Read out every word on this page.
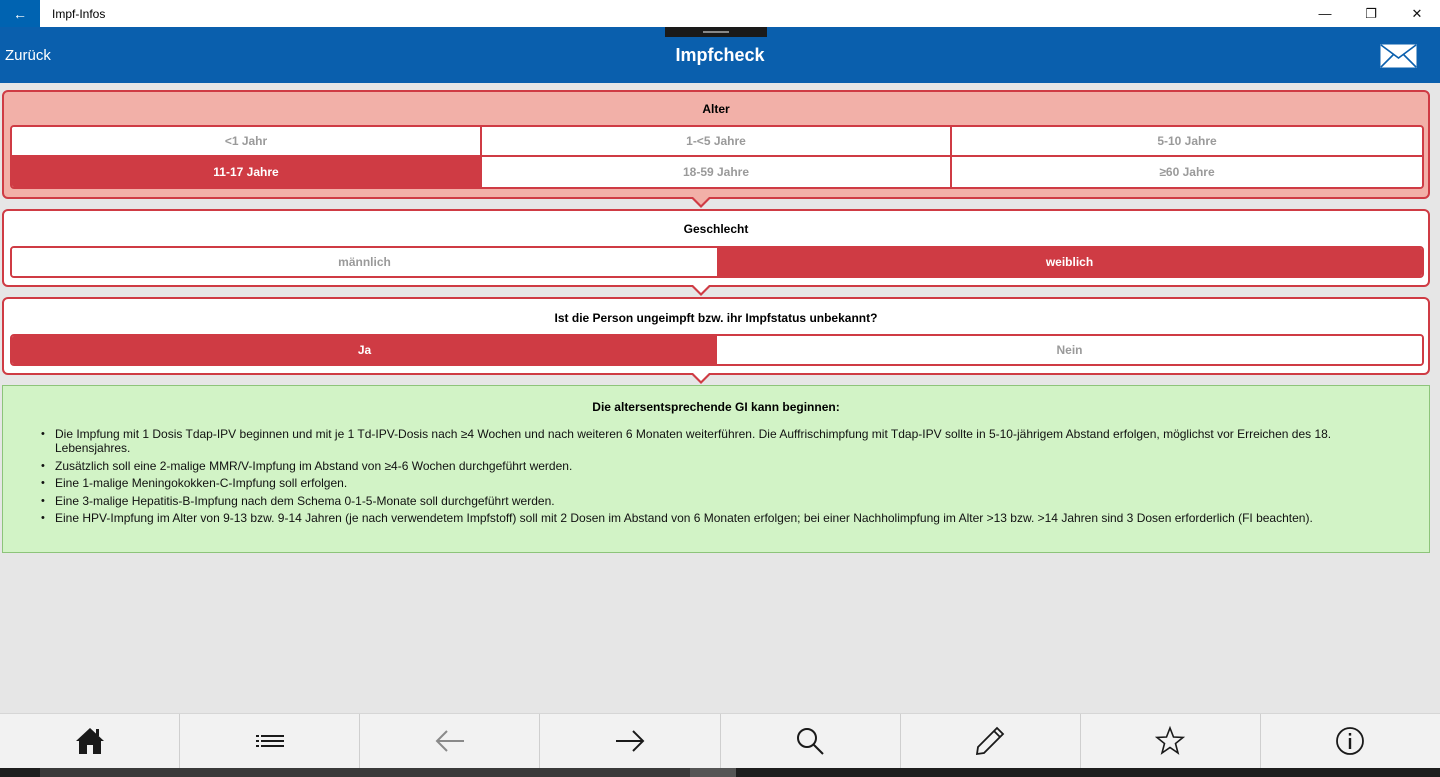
← Impf-Infos	—	❐	✕
Zurück	Impfcheck
Alter
<1 Jahr	1-<5 Jahre	5-10 Jahre
11-17 Jahre	18-59 Jahre	≥60 Jahre
Geschlecht
männlich	weiblich
Ist die Person ungeimpft bzw. ihr Impfstatus unbekannt?
Ja	Nein
Die altersentsprechende GI kann beginnen:
• Die Impfung mit 1 Dosis Tdap-IPV beginnen und mit je 1 Td-IPV-Dosis nach ≥4 Wochen und nach weiteren 6 Monaten weiterführen. Die Auffrischimpfung mit Tdap-IPV sollte in 5-10-jährigem Abstand erfolgen, möglichst vor Erreichen des 18. Lebensjahres.
• Zusätzlich soll eine 2-malige MMR/V-Impfung im Abstand von ≥4-6 Wochen durchgeführt werden.
• Eine 1-malige Meningokokken-C-Impfung soll erfolgen.
• Eine 3-malige Hepatitis-B-Impfung nach dem Schema 0-1-5-Monate soll durchgeführt werden.
• Eine HPV-Impfung im Alter von 9-13 bzw. 9-14 Jahren (je nach verwendetem Impfstoff) soll mit 2 Dosen im Abstand von 6 Monaten erfolgen; bei einer Nachholimpfung im Alter >13 bzw. >14 Jahren sind 3 Dosen erforderlich (FI beachten).
